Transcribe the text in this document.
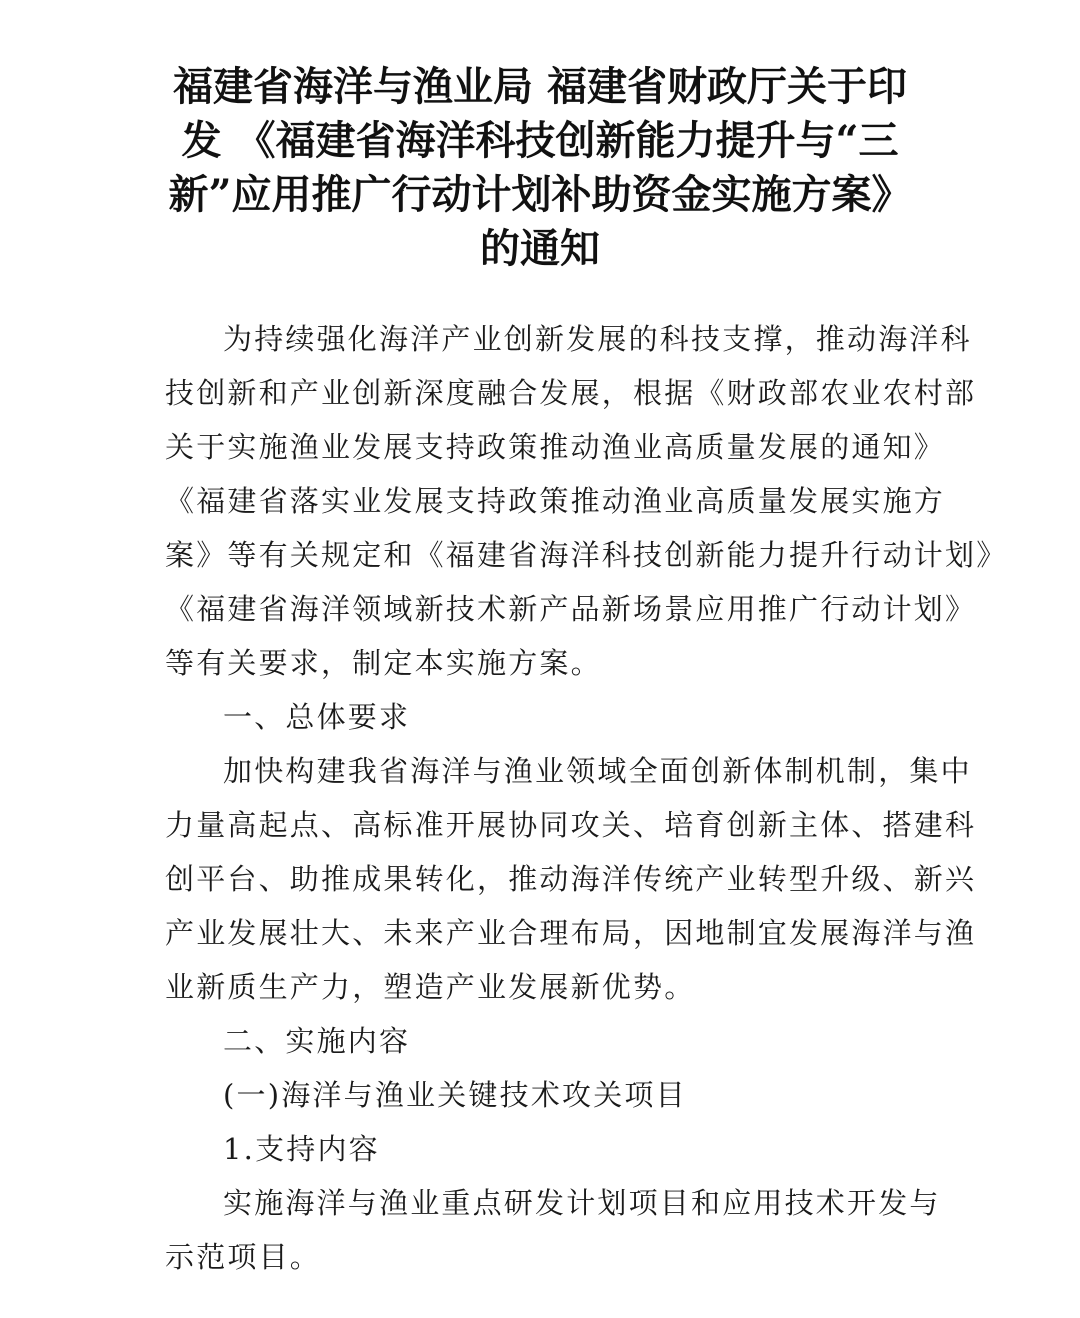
福建省海洋与渔业局 福建省财政厅关于印
发 《福建省海洋科技创新能力提升与“三
新”应用推广行动计划补助资金实施方案》
的通知

为持续强化海洋产业创新发展的科技支撑，推动海洋科
技创新和产业创新深度融合发展，根据《财政部农业农村部
关于实施渔业发展支持政策推动渔业高质量发展的通知》
《福建省落实业发展支持政策推动渔业高质量发展实施方
案》等有关规定和《福建省海洋科技创新能力提升行动计划》
《福建省海洋领域新技术新产品新场景应用推广行动计划》
等有关要求，制定本实施方案。

一、总体要求

加快构建我省海洋与渔业领域全面创新体制机制，集中
力量高起点、高标准开展协同攻关、培育创新主体、搭建科
创平台、助推成果转化，推动海洋传统产业转型升级、新兴
产业发展壮大、未来产业合理布局，因地制宜发展海洋与渔
业新质生产力，塑造产业发展新优势。

二、实施内容

(一)海洋与渔业关键技术攻关项目

1.支持内容

实施海洋与渔业重点研发计划项目和应用技术开发与
示范项目。
